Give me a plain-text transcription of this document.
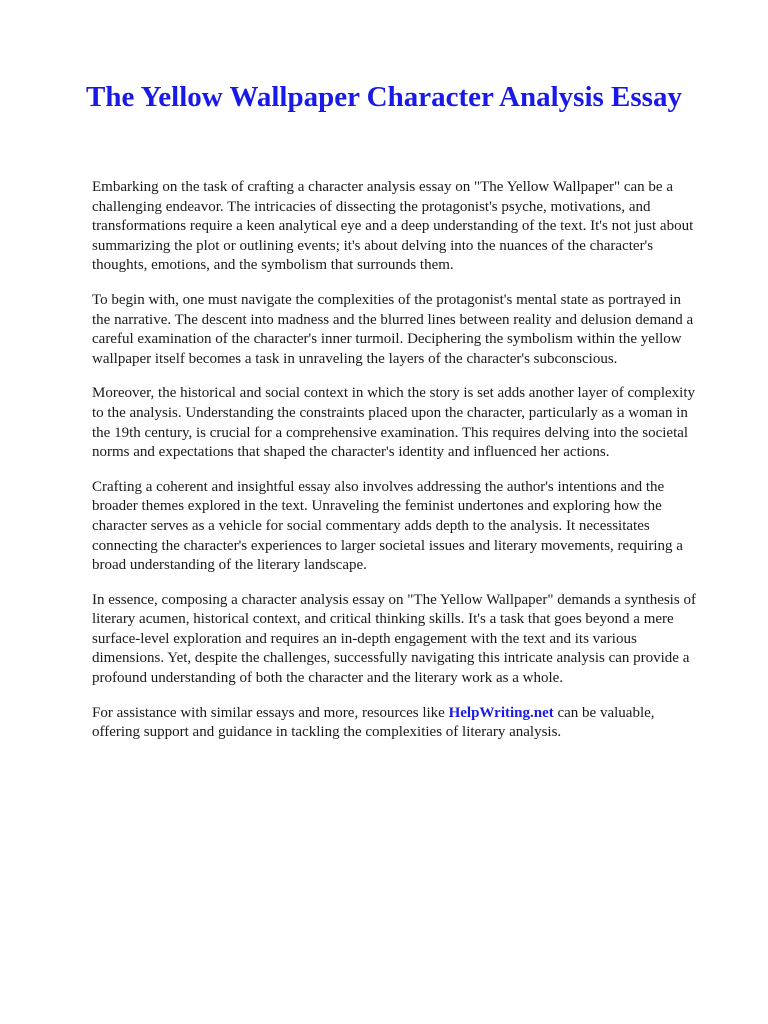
The Yellow Wallpaper Character Analysis Essay

Embarking on the task of crafting a character analysis essay on "The Yellow Wallpaper" can be a challenging endeavor. The intricacies of dissecting the protagonist's psyche, motivations, and transformations require a keen analytical eye and a deep understanding of the text. It's not just about summarizing the plot or outlining events; it's about delving into the nuances of the character's thoughts, emotions, and the symbolism that surrounds them.

To begin with, one must navigate the complexities of the protagonist's mental state as portrayed in the narrative. The descent into madness and the blurred lines between reality and delusion demand a careful examination of the character's inner turmoil. Deciphering the symbolism within the yellow wallpaper itself becomes a task in unraveling the layers of the character's subconscious.

Moreover, the historical and social context in which the story is set adds another layer of complexity to the analysis. Understanding the constraints placed upon the character, particularly as a woman in the 19th century, is crucial for a comprehensive examination. This requires delving into the societal norms and expectations that shaped the character's identity and influenced her actions.

Crafting a coherent and insightful essay also involves addressing the author's intentions and the broader themes explored in the text. Unraveling the feminist undertones and exploring how the character serves as a vehicle for social commentary adds depth to the analysis. It necessitates connecting the character's experiences to larger societal issues and literary movements, requiring a broad understanding of the literary landscape.

In essence, composing a character analysis essay on "The Yellow Wallpaper" demands a synthesis of literary acumen, historical context, and critical thinking skills. It's a task that goes beyond a mere surface-level exploration and requires an in-depth engagement with the text and its various dimensions. Yet, despite the challenges, successfully navigating this intricate analysis can provide a profound understanding of both the character and the literary work as a whole.

For assistance with similar essays and more, resources like HelpWriting.net can be valuable, offering support and guidance in tackling the complexities of literary analysis.
